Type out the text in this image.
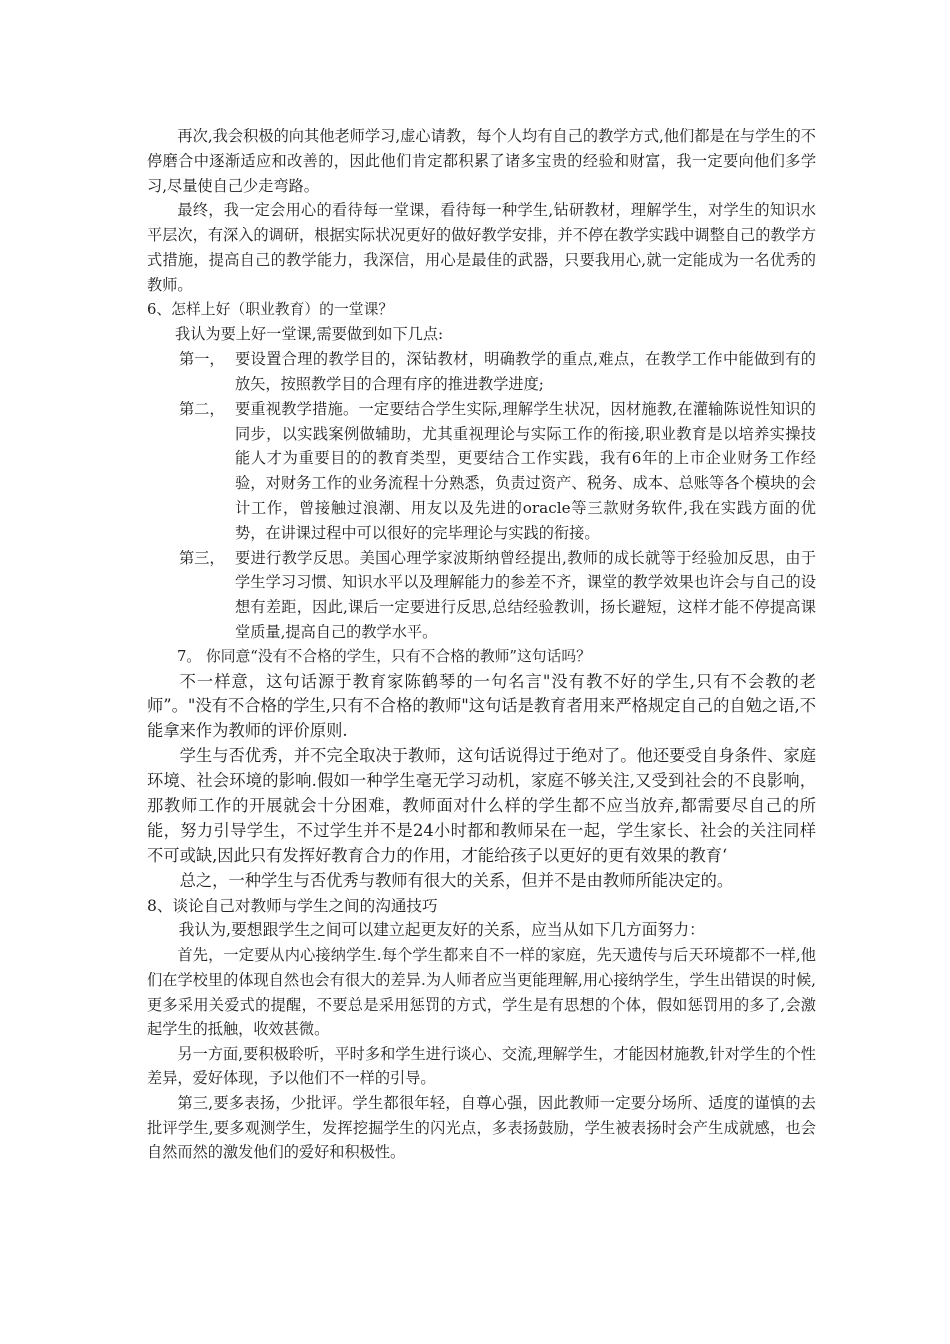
再次,我会积极的向其他老师学习,虚心请教，每个人均有自己的教学方式,他们都是在与学生的不停磨合中逐渐适应和改善的，因此他们肯定都积累了诸多宝贵的经验和财富，我一定要向他们多学习,尽量使自己少走弯路。

最终，我一定会用心的看待每一堂课，看待每一种学生,钻研教材，理解学生，对学生的知识水平层次，有深入的调研，根据实际状况更好的做好教学安排，并不停在教学实践中调整自己的教学方式措施，提高自己的教学能力，我深信，用心是最佳的武器，只要我用心,就一定能成为一名优秀的教师。

6、怎样上好（职业教育）的一堂课？

我认为要上好一堂课,需要做到如下几点:

第一， 要设置合理的教学目的，深钻教材，明确教学的重点,难点，在教学工作中能做到有的放矢，按照教学目的合理有序的推进教学进度;
第二， 要重视教学措施。一定要结合学生实际,理解学生状况，因材施教,在灌输陈说性知识的同步，以实践案例做辅助，尤其重视理论与实际工作的衔接,职业教育是以培养实操技能人才为重要目的的教育类型，更要结合工作实践，我有6年的上市企业财务工作经验，对财务工作的业务流程十分熟悉，负责过资产、税务、成本、总账等各个模块的会计工作，曾接触过浪潮、用友以及先进的oracle等三款财务软件,我在实践方面的优势，在讲课过程中可以很好的完毕理论与实践的衔接。
第三， 要进行教学反思。美国心理学家波斯纳曾经提出,教师的成长就等于经验加反思，由于学生学习习惯、知识水平以及理解能力的参差不齐，课堂的教学效果也许会与自己的设想有差距，因此,课后一定要进行反思,总结经验教训，扬长避短，这样才能不停提高课堂质量,提高自己的教学水平。

7。 你同意“没有不合格的学生，只有不合格的教师”这句话吗？

不一样意，这句话源于教育家陈鹤琴的一句名言"没有教不好的学生,只有不会教的老师”。"没有不合格的学生,只有不合格的教师"这句话是教育者用来严格规定自己的自勉之语,不能拿来作为教师的评价原则.

学生与否优秀，并不完全取决于教师，这句话说得过于绝对了。他还要受自身条件、家庭环境、社会环境的影响.假如一种学生毫无学习动机，家庭不够关注,又受到社会的不良影响，那教师工作的开展就会十分困难，教师面对什么样的学生都不应当放弃,都需要尽自己的所能，努力引导学生，不过学生并不是24小时都和教师呆在一起，学生家长、社会的关注同样不可或缺,因此只有发挥好教育合力的作用，才能给孩子以更好的更有效果的教育‘

总之，一种学生与否优秀与教师有很大的关系，但并不是由教师所能决定的。

8、谈论自己对教师与学生之间的沟通技巧

我认为,要想跟学生之间可以建立起更友好的关系，应当从如下几方面努力：

首先，一定要从内心接纳学生.每个学生都来自不一样的家庭，先天遗传与后天环境都不一样,他们在学校里的体现自然也会有很大的差异.为人师者应当更能理解,用心接纳学生，学生出错误的时候,更多采用关爱式的提醒，不要总是采用惩罚的方式，学生是有思想的个体，假如惩罚用的多了,会激起学生的抵触，收效甚微。

另一方面,要积极聆听，平时多和学生进行谈心、交流,理解学生，才能因材施教,针对学生的个性差异，爱好体现，予以他们不一样的引导。

第三,要多表扬，少批评。学生都很年轻，自尊心强，因此教师一定要分场所、适度的谨慎的去批评学生,要多观测学生，发挥挖掘学生的闪光点，多表扬鼓励，学生被表扬时会产生成就感，也会自然而然的激发他们的爱好和积极性。
